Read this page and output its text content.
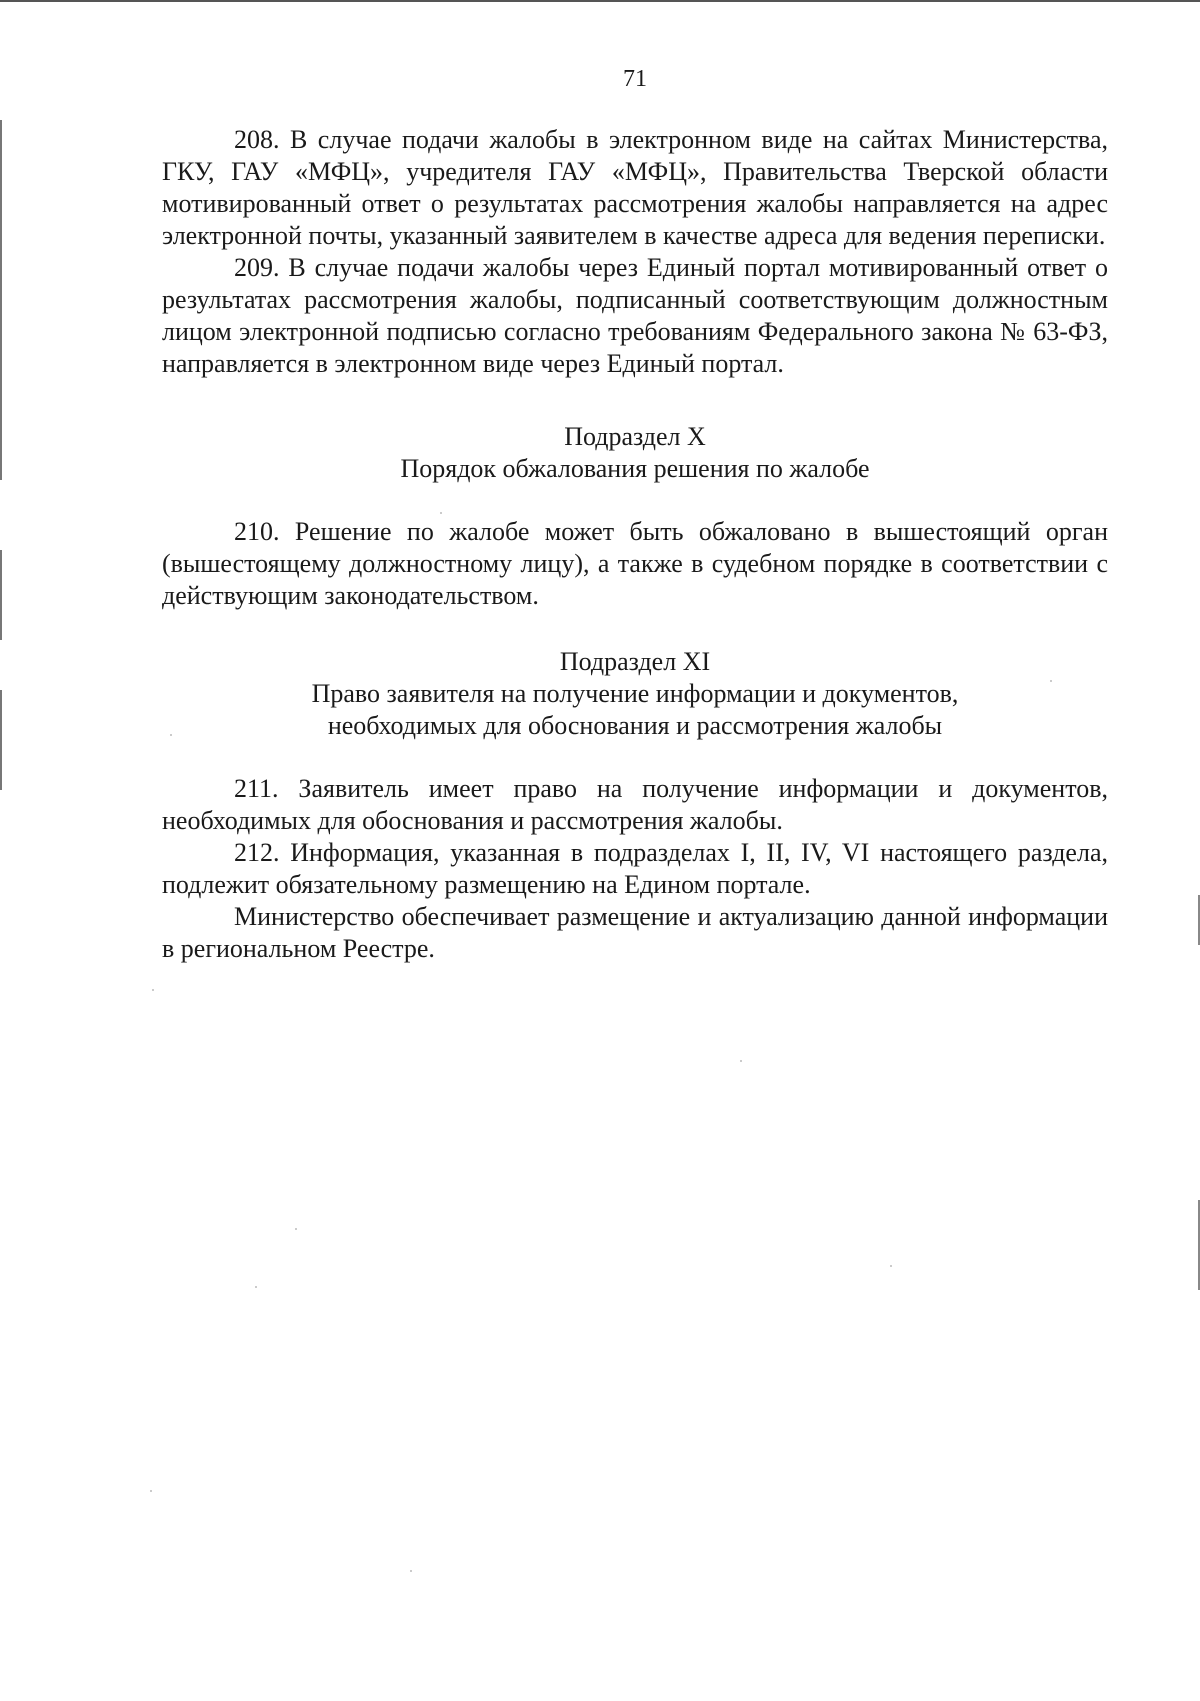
71

208. В случае подачи жалобы в электронном виде на сайтах Министерства, ГКУ, ГАУ «МФЦ», учредителя ГАУ «МФЦ», Правительства Тверской области мотивированный ответ о результатах рассмотрения жалобы направляется на адрес электронной почты, указанный заявителем в качестве адреса для ведения переписки.

209. В случае подачи жалобы через Единый портал мотивированный ответ о результатах рассмотрения жалобы, подписанный соответствующим должностным лицом электронной подписью согласно требованиям Федерального закона № 63-ФЗ, направляется в электронном виде через Единый портал.

Подраздел X

Порядок обжалования решения по жалобе

210. Решение по жалобе может быть обжаловано в вышестоящий орган (вышестоящему должностному лицу), а также в судебном порядке в соответствии с действующим законодательством.

Подраздел XI

Право заявителя на получение информации и документов,

необходимых для обоснования и рассмотрения жалобы

211. Заявитель имеет право на получение информации и документов, необходимых для обоснования и рассмотрения жалобы.

212. Информация, указанная в подразделах I, II, IV, VI настоящего раздела, подлежит обязательному размещению на Едином портале.

Министерство обеспечивает размещение и актуализацию данной информации в региональном Реестре.
